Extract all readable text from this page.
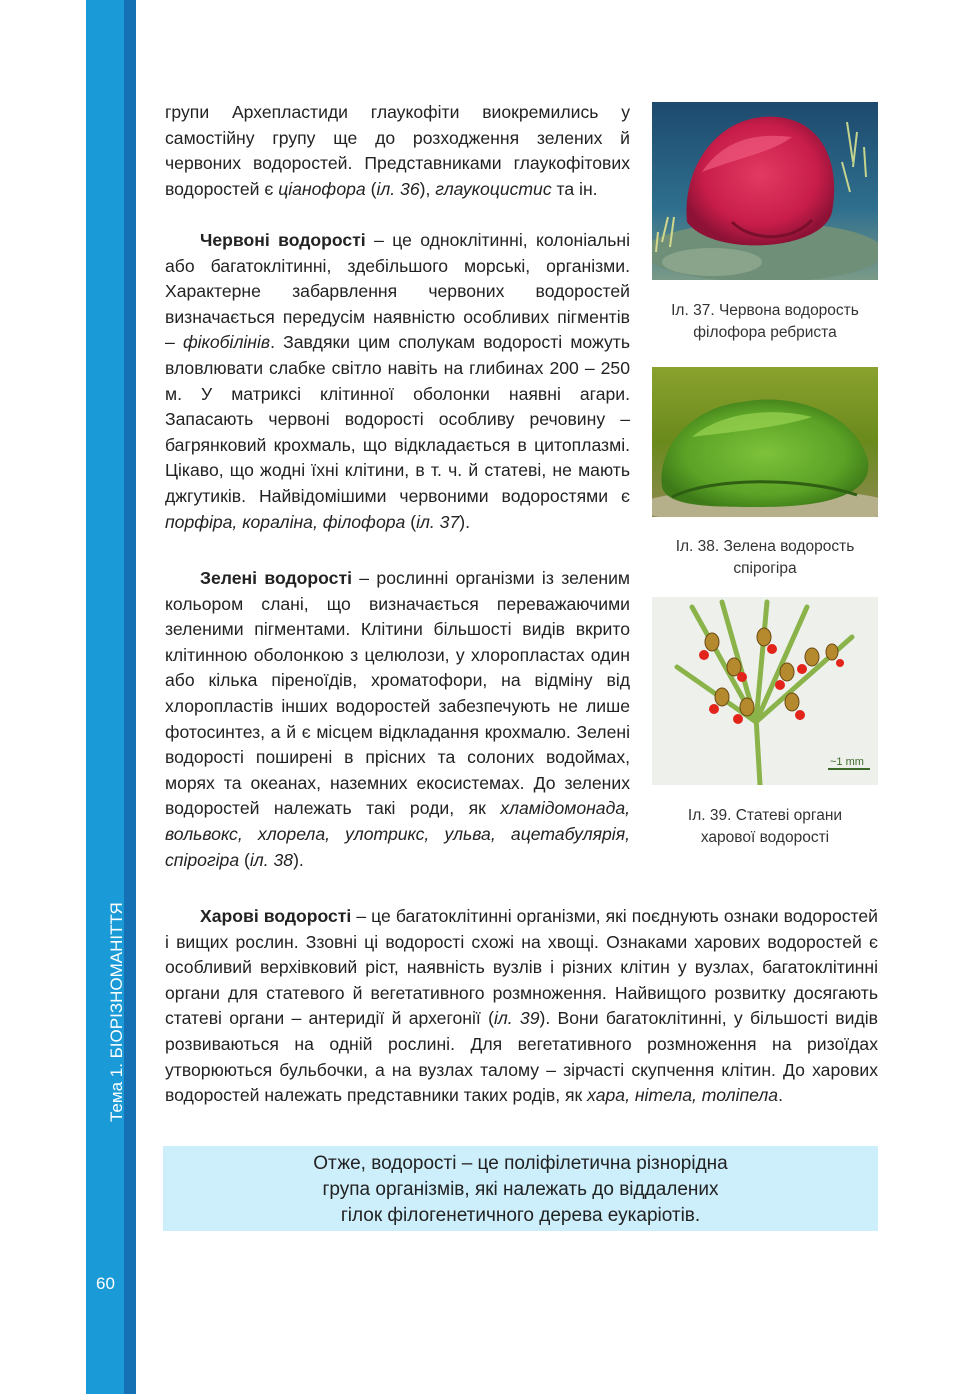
Тема 1. БІОРІЗНОМАНІТТЯ
60

групи Архепластиди глаукофіти виокремились у самостійну групу ще до розходження зелених й червоних водоростей. Представниками глаукофітових водоростей є ціанофора (іл. 36), глаукоцистис та ін.

Червоні водорості – це одноклітинні, колоніальні або багатоклітинні, здебільшого морські, організми. Характерне забарвлення червоних водоростей визначається передусім наявністю особливих пігментів – фікобілінів. Завдяки цим сполукам водорості можуть вловлювати слабке світло навіть на глибинах 200 – 250 м. У матриксі клітинної оболонки наявні агари. Запасають червоні водорості особливу речовину – багрянковий крохмаль, що відкладається в цитоплазмі. Цікаво, що жодні їхні клітини, в т. ч. й статеві, не мають джгутиків. Найвідомішими червоними водоростями є порфіра, кораліна, філофора (іл. 37).

Зелені водорості – рослинні організми із зеленим кольором слані, що визначається переважаючими зеленими пігментами. Клітини більшості видів вкрито клітинною оболонкою з целюлози, у хлоропластах один або кілька піреноїдів, хроматофори, на відміну від хлоропластів інших водоростей забезпечують не лише фотосинтез, а й є місцем відкладання крохмалю. Зелені водорості поширені в прісних та солоних водоймах, морях та океанах, наземних екосистемах. До зелених водоростей належать такі роди, як хламідомонада, вольвокс, хлорела, улотрикс, ульва, ацетабулярія, спірогіра (іл. 38).

Харові водорості – це багатоклітинні організми, які поєднують ознаки водоростей і вищих рослин. Ззовні ці водорості схожі на хвощі. Ознаками харових водоростей є особливий верхівковий ріст, наявність вузлів і різних клітин у вузлах, багатоклітинні органи для статевого й вегетативного розмноження. Найвищого розвитку досягають статеві органи – антеридії й архегонії (іл. 39). Вони багатоклітинні, у більшості видів розвиваються на одній рослині. Для вегетативного розмноження на ризоїдах утворюються бульбочки, а на вузлах талому – зірчасті скупчення клітин. До харових водоростей належать представники таких родів, як хара, нітела, толіпела.

Іл. 37. Червона водорость
філофора ребриста
Іл. 38. Зелена водорость
спірогіра
~1 mm
Іл. 39. Статеві органи
харової водорості
Отже, водорості – це поліфілетична різнорідна
група організмів, які належать до віддалених
гілок філогенетичного дерева еукаріотів.
